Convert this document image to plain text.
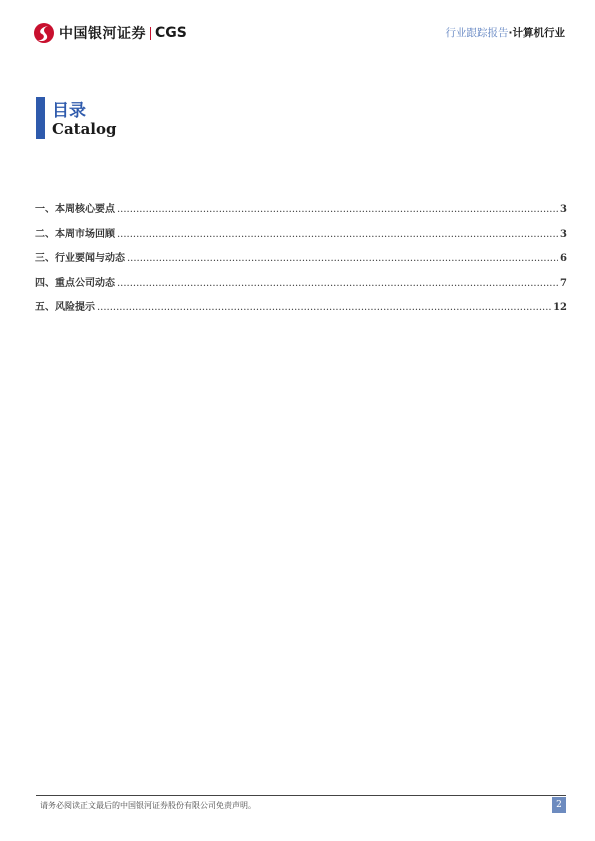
中国银河证券 CGS	行业跟踪报告·计算机行业
目录
Catalog
一、本周核心要点 .....	3
二、本周市场回顾 .....	3
三、行业要闻与动态 .....	6
四、重点公司动态 .....	7
五、风险提示 .....	12
请务必阅读正文最后的中国银河证券股份有限公司免责声明。	2
